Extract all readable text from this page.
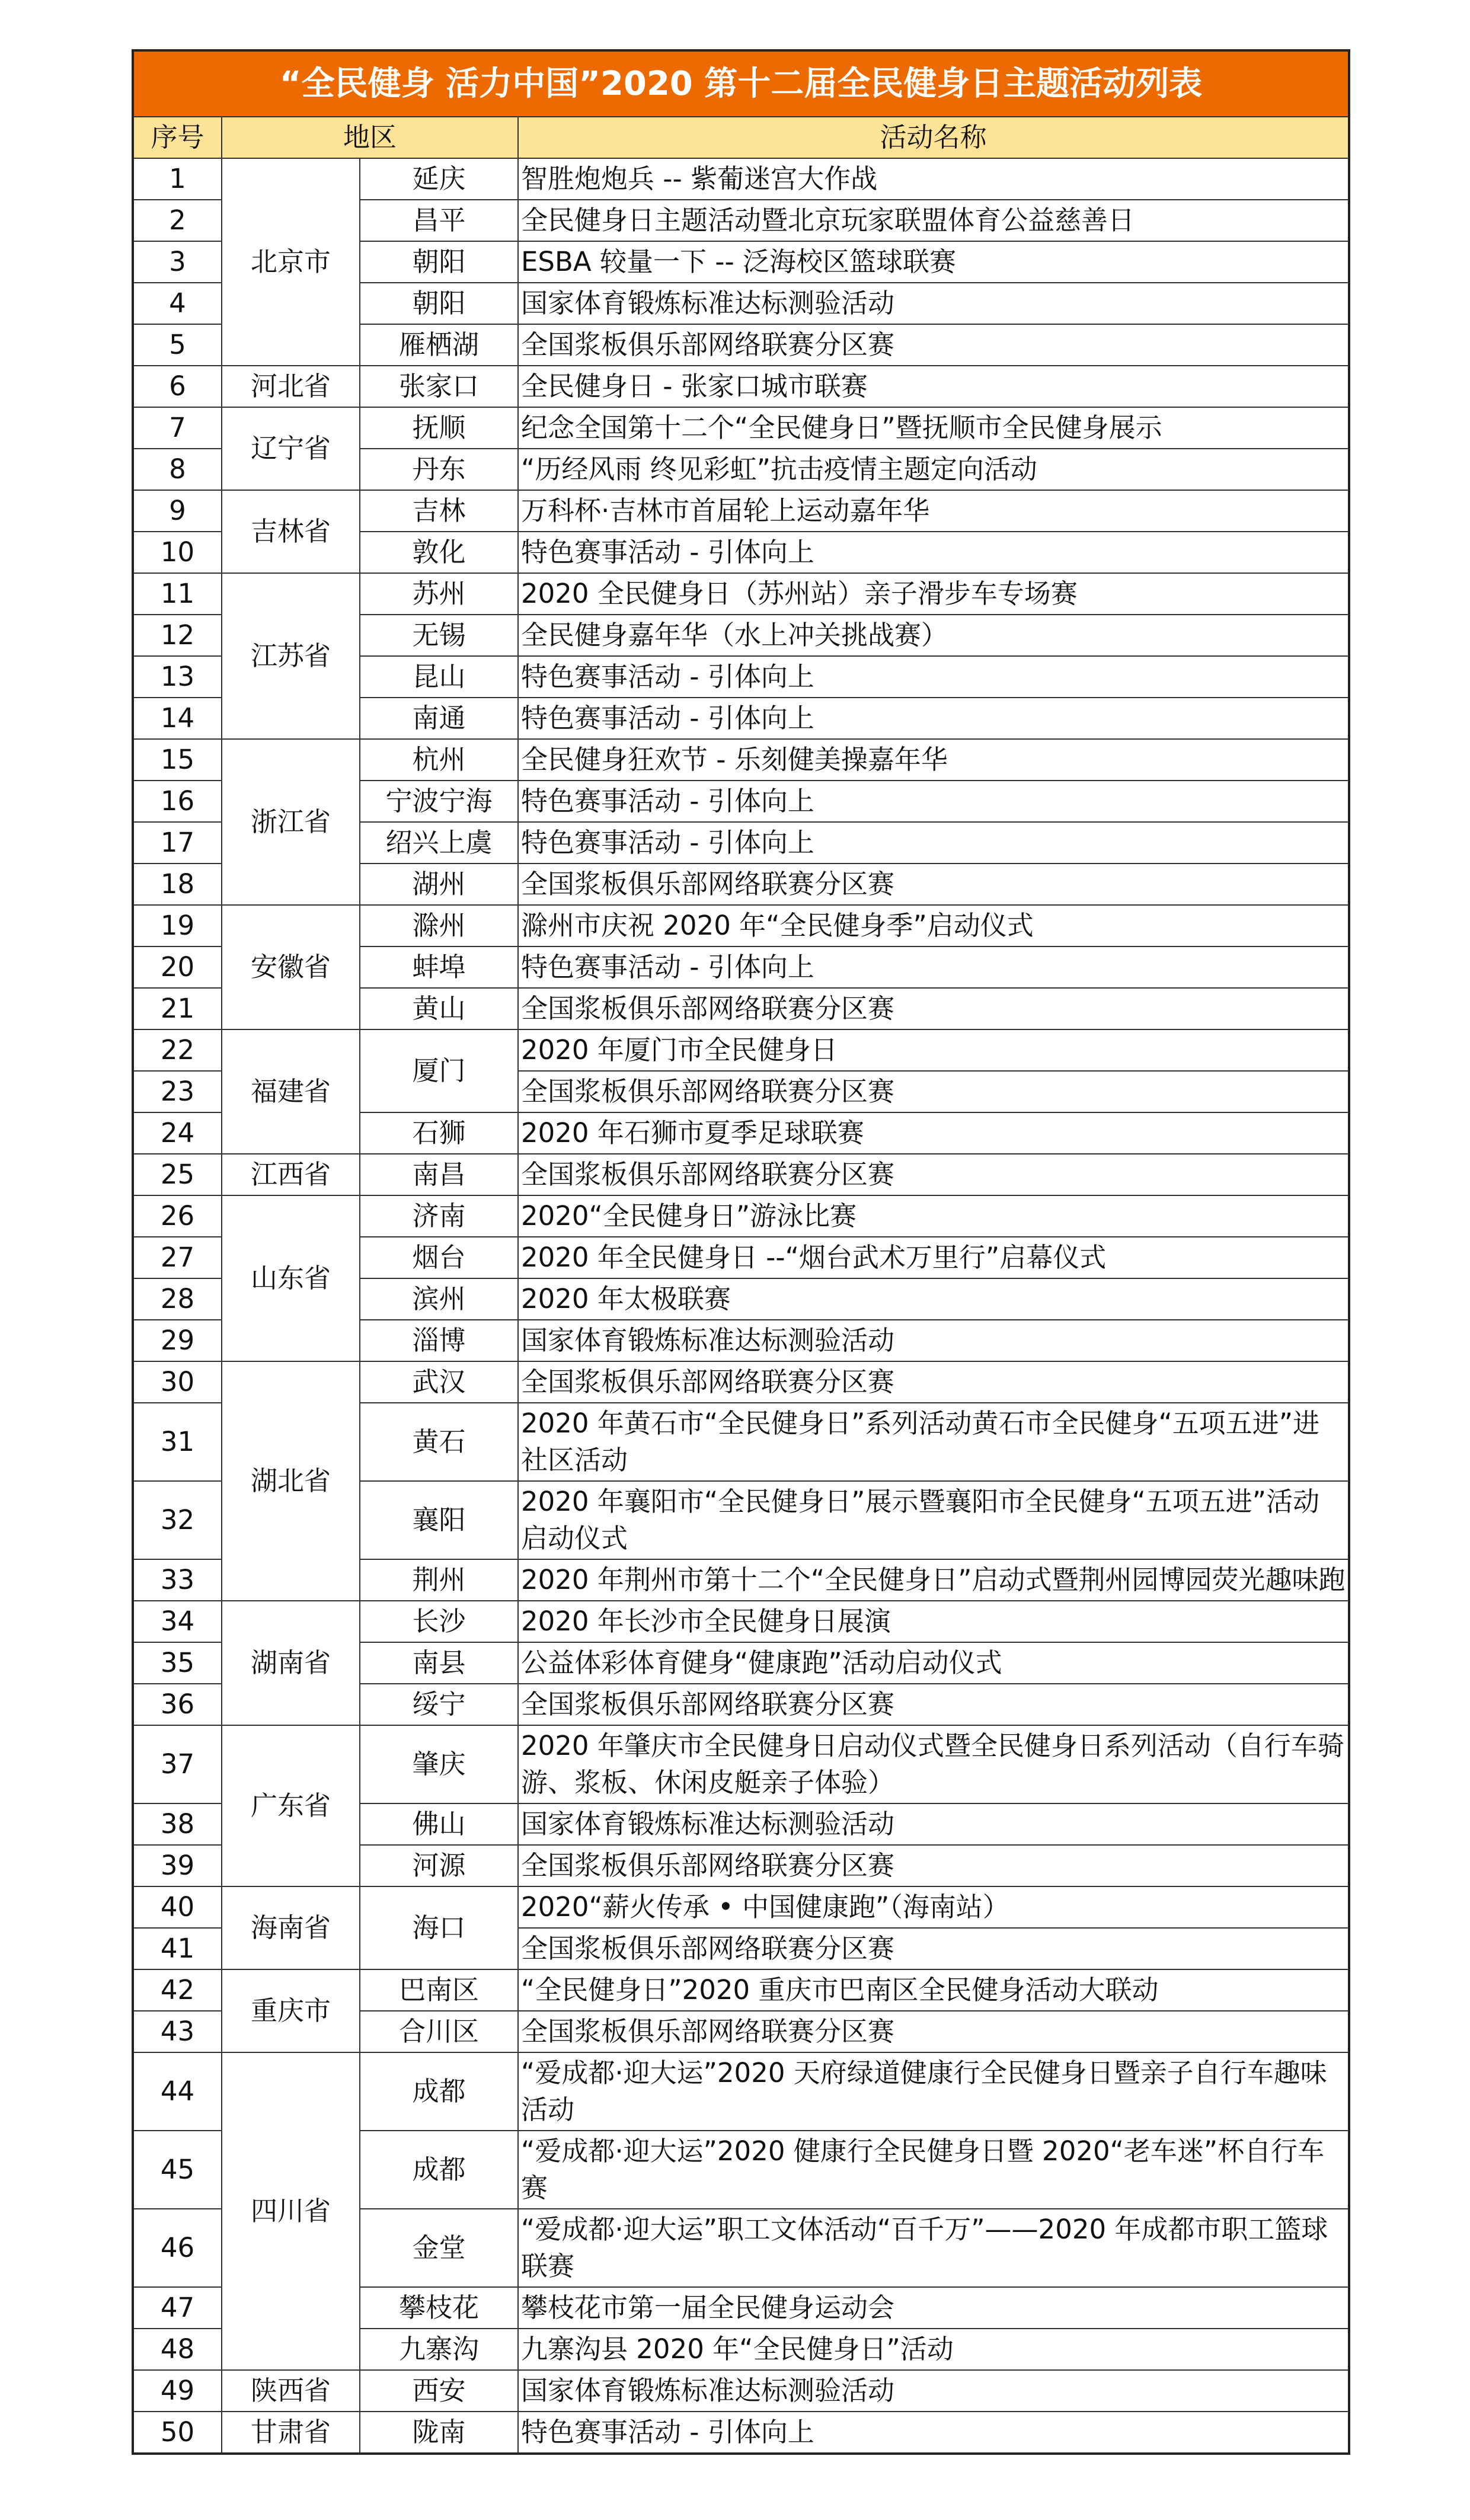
“全民健身 活力中国”2020 第十二届全民健身日主题活动列表			
序号	地区		活动名称
1	北京市	延庆	智胜炮炮兵 -- 紫葡迷宫大作战
2		昌平	全民健身日主题活动暨北京玩家联盟体育公益慈善日
3		朝阳	ESBA 较量一下 -- 泛海校区篮球联赛
4		朝阳	国家体育锻炼标准达标测验活动
5		雁栖湖	全国浆板俱乐部网络联赛分区赛
6	河北省	张家口	全民健身日 - 张家口城市联赛
7	辽宁省	抚顺	纪念全国第十二个“全民健身日”暨抚顺市全民健身展示
8		丹东	“历经风雨 终见彩虹”抗击疫情主题定向活动
9	吉林省	吉林	万科杯·吉林市首届轮上运动嘉年华
10		敦化	特色赛事活动 - 引体向上
11	江苏省	苏州	2020 全民健身日（苏州站）亲子滑步车专场赛
12		无锡	全民健身嘉年华（水上冲关挑战赛）
13		昆山	特色赛事活动 - 引体向上
14		南通	特色赛事活动 - 引体向上
15	浙江省	杭州	全民健身狂欢节 - 乐刻健美操嘉年华
16		宁波宁海	特色赛事活动 - 引体向上
17		绍兴上虞	特色赛事活动 - 引体向上
18		湖州	全国浆板俱乐部网络联赛分区赛
19	安徽省	滁州	滁州市庆祝 2020 年“全民健身季”启动仪式
20		蚌埠	特色赛事活动 - 引体向上
21		黄山	全国浆板俱乐部网络联赛分区赛
22	福建省	厦门	2020 年厦门市全民健身日
23			全国浆板俱乐部网络联赛分区赛
24		石狮	2020 年石狮市夏季足球联赛
25	江西省	南昌	全国浆板俱乐部网络联赛分区赛
26	山东省	济南	2020“全民健身日”游泳比赛
27		烟台	2020 年全民健身日 --“烟台武术万里行”启幕仪式
28		滨州	2020 年太极联赛
29		淄博	国家体育锻炼标准达标测验活动
30	湖北省	武汉	全国浆板俱乐部网络联赛分区赛
31		黄石	2020 年黄石市“全民健身日”系列活动黄石市全民健身“五项五进”进社区活动
32		襄阳	2020 年襄阳市“全民健身日”展示暨襄阳市全民健身“五项五进”活动启动仪式
33		荆州	2020 年荆州市第十二个“全民健身日”启动式暨荆州园博园荧光趣味跑
34	湖南省	长沙	2020 年长沙市全民健身日展演
35		南县	公益体彩体育健身“健康跑”活动启动仪式
36		绥宁	全国浆板俱乐部网络联赛分区赛
37	广东省	肇庆	2020 年肇庆市全民健身日启动仪式暨全民健身日系列活动（自行车骑游、浆板、休闲皮艇亲子体验）
38		佛山	国家体育锻炼标准达标测验活动
39		河源	全国浆板俱乐部网络联赛分区赛
40	海南省	海口	2020“薪火传承 • 中国健康跑”（海南站）
41			全国浆板俱乐部网络联赛分区赛
42	重庆市	巴南区	“全民健身日”2020 重庆市巴南区全民健身活动大联动
43		合川区	全国浆板俱乐部网络联赛分区赛
44	四川省	成都	“爱成都·迎大运”2020 天府绿道健康行全民健身日暨亲子自行车趣味活动
45		成都	“爱成都·迎大运”2020 健康行全民健身日暨 2020“老车迷”杯自行车赛
46		金堂	“爱成都·迎大运”职工文体活动“百千万”——2020 年成都市职工篮球联赛
47		攀枝花	攀枝花市第一届全民健身运动会
48		九寨沟	九寨沟县 2020 年“全民健身日”活动
49	陕西省	西安	国家体育锻炼标准达标测验活动
50	甘肃省	陇南	特色赛事活动 - 引体向上
